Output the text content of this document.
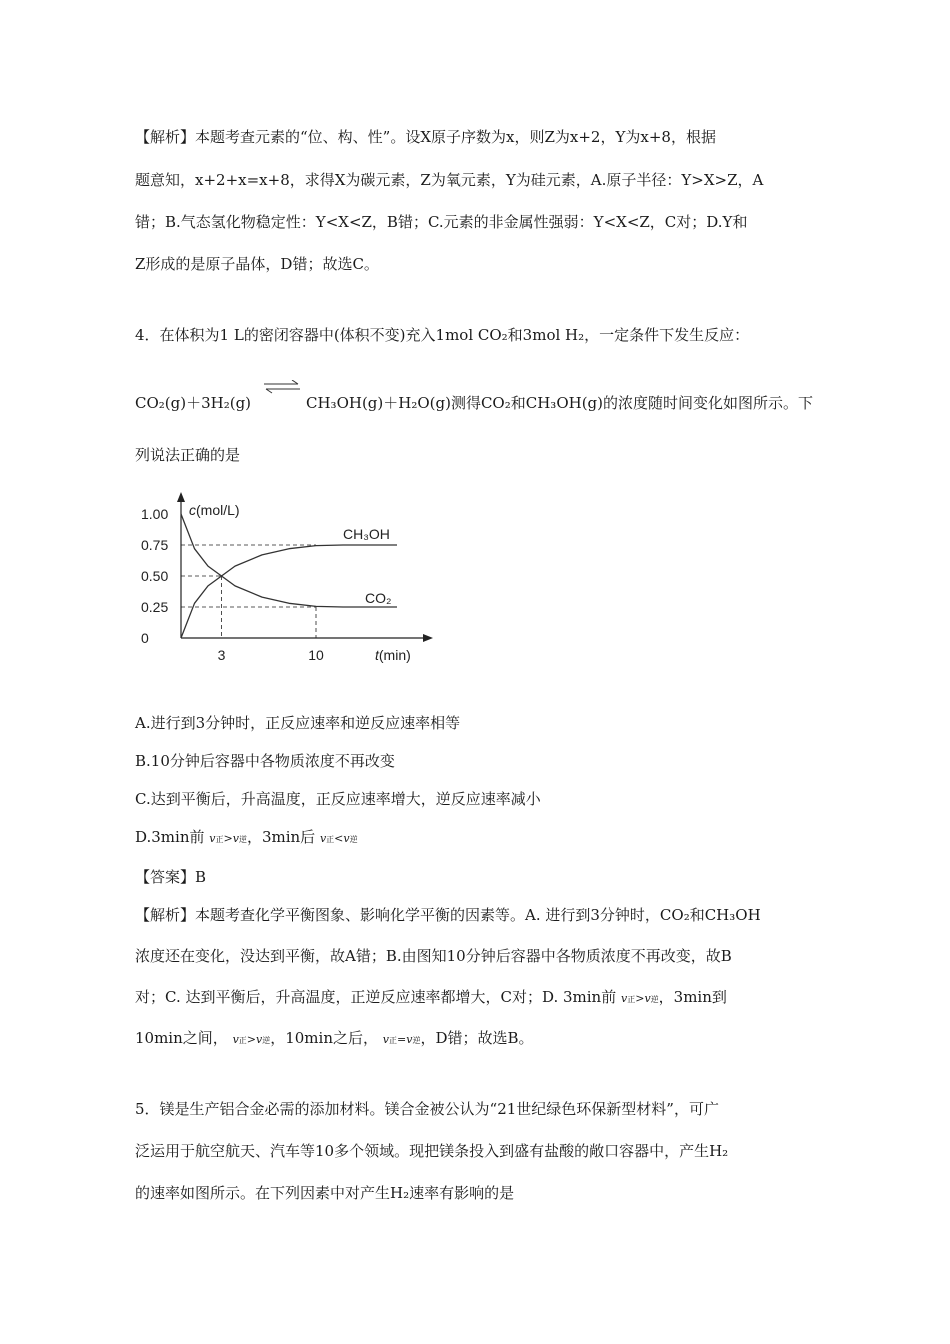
【解析】本题考查元素的“位、构、性”。设X原子序数为x，则Z为x+2，Y为x+8，根据
题意知，x+2+x=x+8，求得X为碳元素，Z为氧元素，Y为硅元素，A.原子半径：Y>X>Z，A
错；B.气态氢化物稳定性：Y<X<Z，B错；C.元素的非金属性强弱：Y<X<Z，C对；D.Y和
Z形成的是原子晶体，D错；故选C。
4．在体积为1 L的密闭容器中(体积不变)充入1mol CO₂和3mol H₂，一定条件下发生反应：
CO₂(g)＋3H₂(g)	CH₃OH(g)＋H₂O(g)测得CO₂和CH₃OH(g)的浓度随时间变化如图所示。下
列说法正确的是
0
0.25
0.50
0.75
1.00
3	10
c(mol/L)
t(min)
CH₃OH
CO₂
A.进行到3分钟时，正反应速率和逆反应速率相等
B.10分钟后容器中各物质浓度不再改变
C.达到平衡后，升高温度，正反应速率增大，逆反应速率减小
D.3min前 v正>v逆，3min后 v正<v逆
【答案】B
【解析】本题考查化学平衡图象、影响化学平衡的因素等。A. 进行到3分钟时，CO₂和CH₃OH
浓度还在变化，没达到平衡，故A错；B.由图知10分钟后容器中各物质浓度不再改变，故B
对；C. 达到平衡后，升高温度，正逆反应速率都增大，C对；D. 3min前 v正>v逆，3min到
10min之间， v正>v逆，10min之后， v正=v逆，D错；故选B。
5．镁是生产铝合金必需的添加材料。镁合金被公认为“21世纪绿色环保新型材料”，可广
泛运用于航空航天、汽车等10多个领域。现把镁条投入到盛有盐酸的敞口容器中，产生H₂
的速率如图所示。在下列因素中对产生H₂速率有影响的是
